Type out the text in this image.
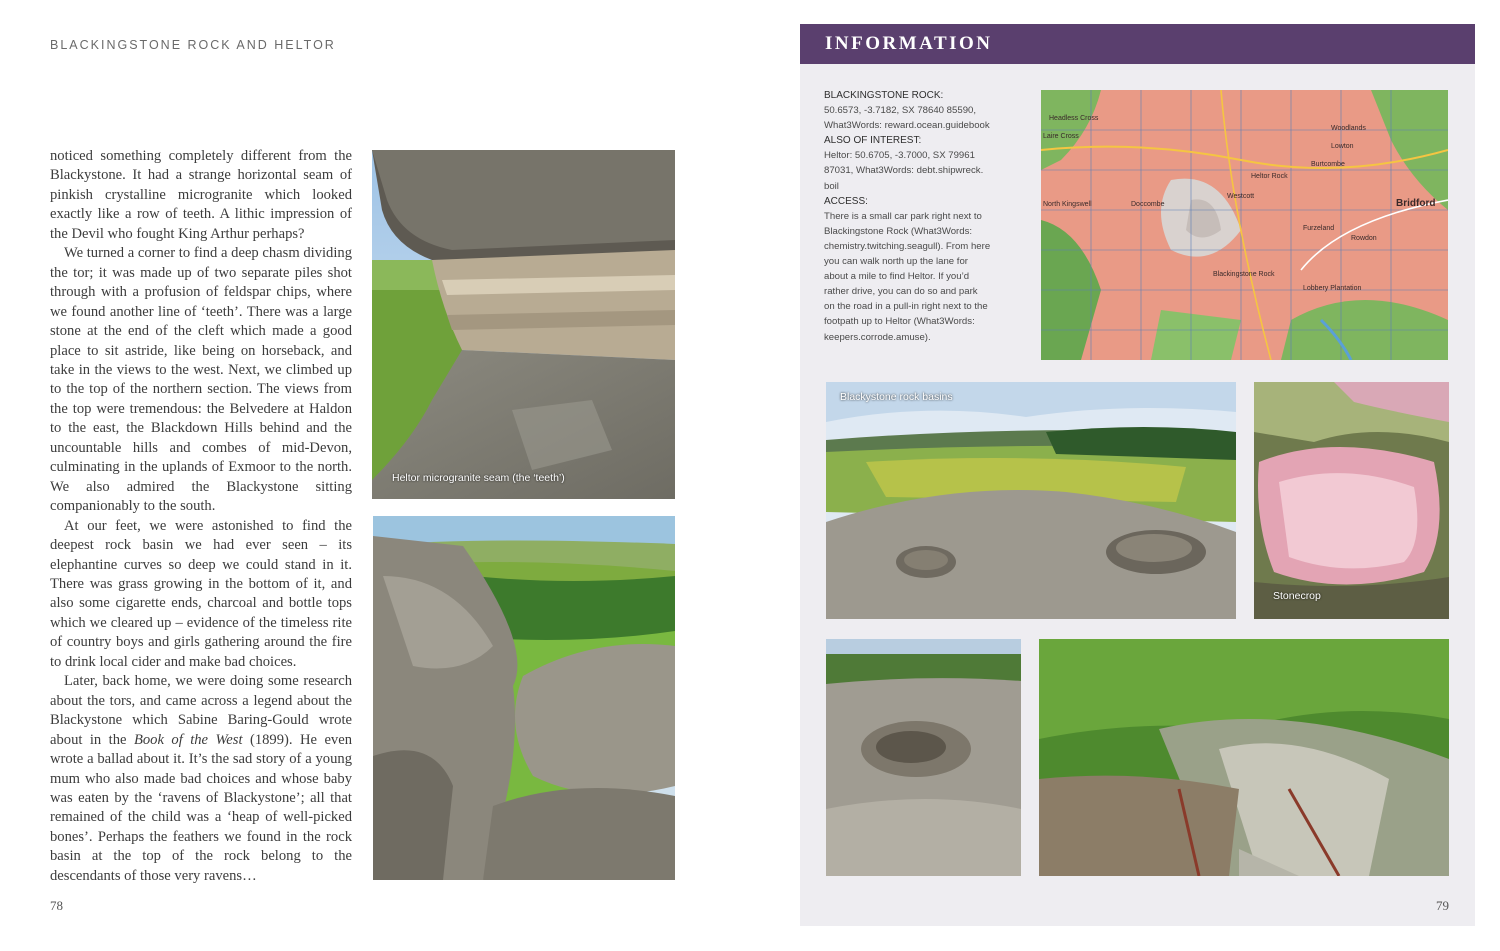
BLACKINGSTONE ROCK AND HELTOR

noticed something completely different from the Blackystone. It had a strange horizontal seam of pinkish crystalline microgranite which looked exactly like a row of teeth. A lithic impression of the Devil who fought King Arthur perhaps?

We turned a corner to find a deep chasm dividing the tor; it was made up of two separate piles shot through with a profusion of feldspar chips, where we found another line of ‘teeth’. There was a large stone at the end of the cleft which made a good place to sit astride, like being on horseback, and take in the views to the west. Next, we climbed up to the top of the northern section. The views from the top were tremendous: the Belvedere at Haldon to the east, the Blackdown Hills behind and the uncountable hills and combes of mid-Devon, culminating in the uplands of Exmoor to the north. We also admired the Blackystone sitting companionably to the south.

At our feet, we were astonished to find the deepest rock basin we had ever seen – its elephantine curves so deep we could stand in it. There was grass growing in the bottom of it, and also some cigarette ends, charcoal and bottle tops which we cleared up – evidence of the timeless rite of country boys and girls gathering around the fire to drink local cider and make bad choices.

Later, back home, we were doing some research about the tors, and came across a legend about the Blackystone which Sabine Baring-Gould wrote about in the Book of the West (1899). He even wrote a ballad about it. It’s the sad story of a young mum who also made bad choices and whose baby was eaten by the ‘ravens of Blackystone’; all that remained of the child was a ‘heap of well-picked bones’. Perhaps the feathers we found in the rock basin at the top of the rock belong to the descendants of those very ravens…

Heltor microgranite seam (the ‘teeth’)
78
INFORMATION
BLACKINGSTONE ROCK:
50.6573, -3.7182, SX 78640 85590,
What3Words: reward.ocean.guidebook
ALSO OF INTEREST:
Heltor: 50.6705, -3.7000, SX 79961
87031, What3Words: debt.shipwreck.
boil
ACCESS:
There is a small car park right next to
Blackingstone Rock (What3Words:
chemistry.twitching.seagull). From here
you can walk north up the lane for
about a mile to find Heltor. If you’d
rather drive, you can do so and park
on the road in a pull-in right next to the
footpath up to Heltor (What3Words:
keepers.corrode.amuse).
Headless Cross
Laire Cross
Heltor Rock
Westcott
Doccombe
North Kingswell	Bridford
Blackingstone Rock
Woodlands
Lowton
Burtcombe
Rowdon
Lobbery Plantation
Furzeland
Blackystone rock basins
Stonecrop
79
